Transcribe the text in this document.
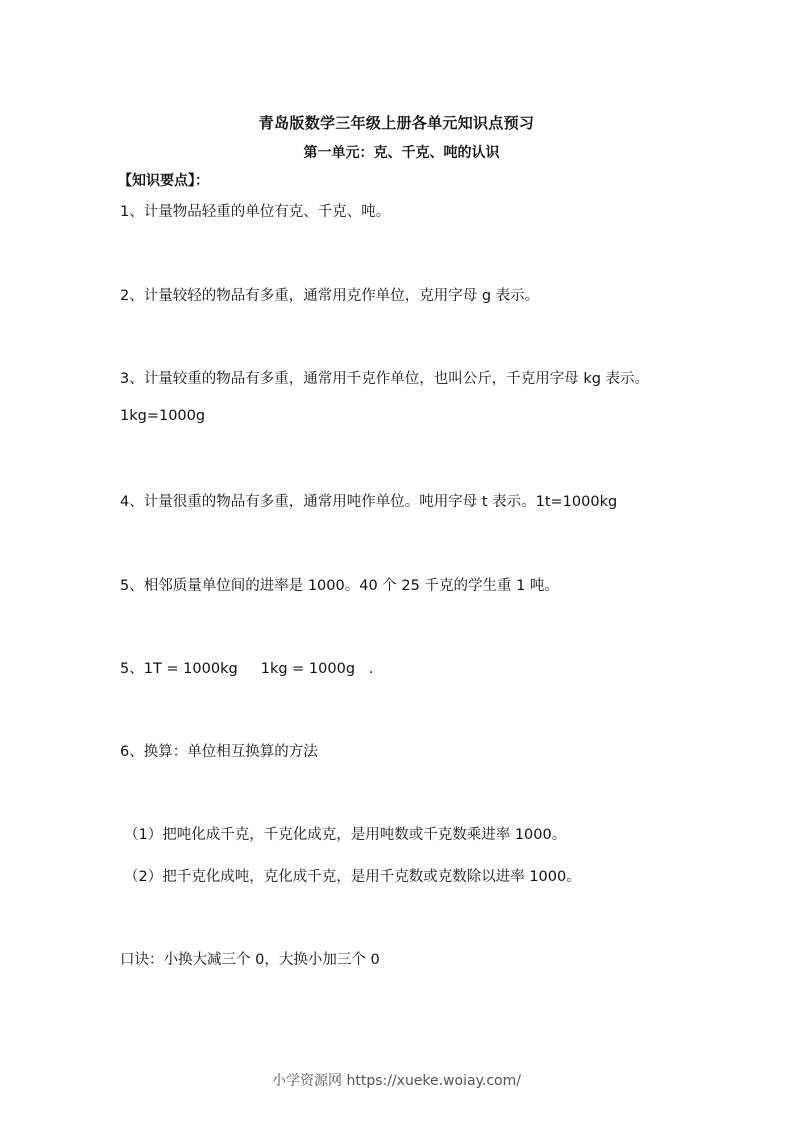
青岛版数学三年级上册各单元知识点预习
第一单元：克、千克、吨的认识
【知识要点】：
1、计量物品轻重的单位有克、千克、吨。
2、计量较轻的物品有多重，通常用克作单位，克用字母 g 表示。
3、计量较重的物品有多重，通常用千克作单位，也叫公斤，千克用字母 kg 表示。
1kg=1000g
4、计量很重的物品有多重，通常用吨作单位。吨用字母 t 表示。1t=1000kg
5、相邻质量单位间的进率是 1000。40 个 25 千克的学生重 1 吨。
5、1T = 1000kg     1kg = 1000g   .
6、换算：单位相互换算的方法
（1）把吨化成千克，千克化成克，是用吨数或千克数乘进率 1000。
（2）把千克化成吨，克化成千克，是用千克数或克数除以进率 1000。
口诀：小换大减三个 0，大换小加三个 0
小学资源网 https://xueke.woiay.com/
